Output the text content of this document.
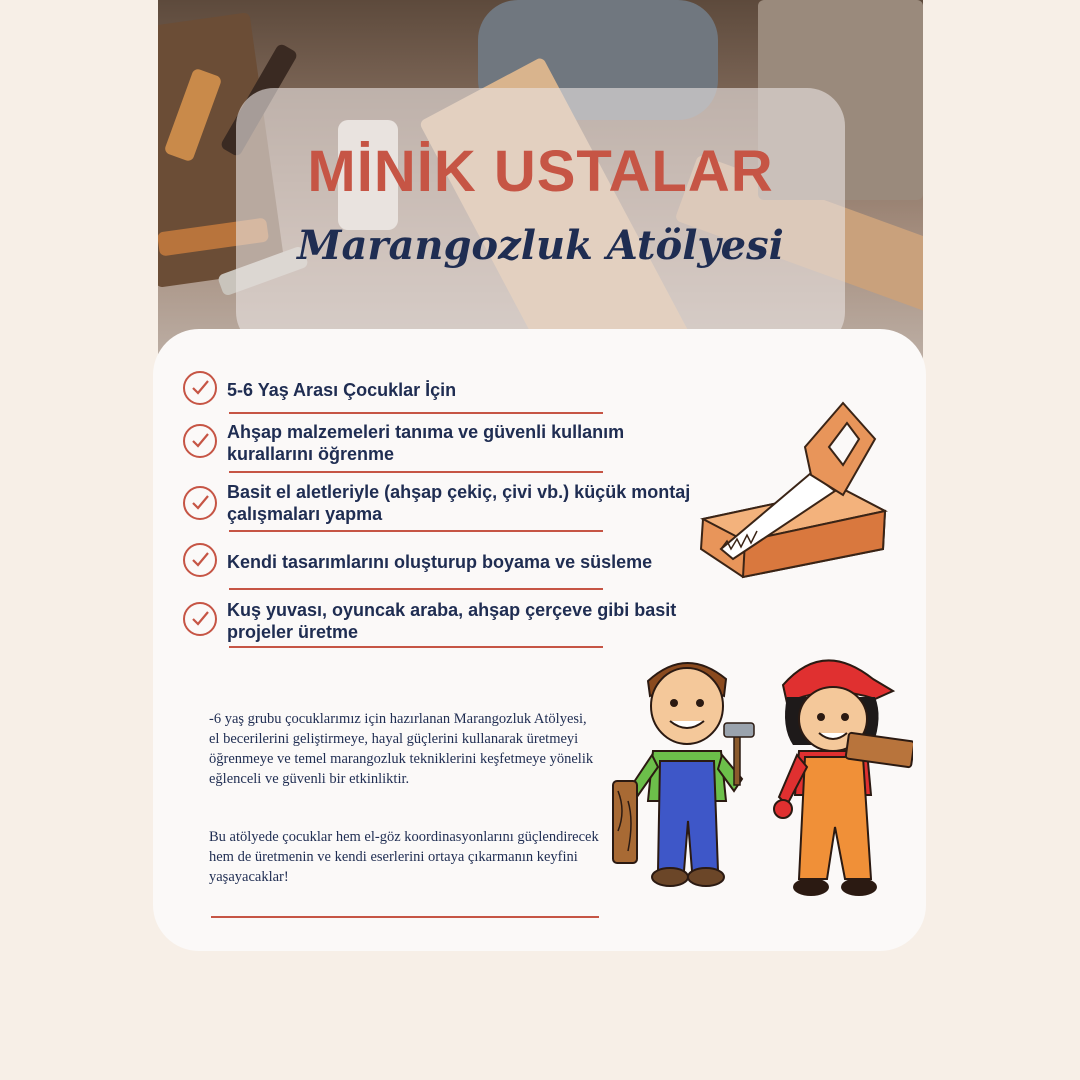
MİNİK USTALAR
Marangozluk Atölyesi
5-6 Yaş Arası Çocuklar İçin
Ahşap malzemeleri tanıma ve güvenli kullanım kurallarını öğrenme
Basit el aletleriyle (ahşap çekiç, çivi vb.) küçük montaj çalışmaları yapma
Kendi tasarımlarını oluşturup boyama ve süsleme
Kuş yuvası, oyuncak araba, ahşap çerçeve gibi basit projeler üretme
-6 yaş grubu çocuklarımız için hazırlanan Marangozluk Atölyesi, el becerilerini geliştirmeye, hayal güçlerini kullanarak üretmeyi öğrenmeye ve temel marangozluk tekniklerini keşfetmeye yönelik eğlenceli ve güvenli bir etkinliktir.
Bu atölyede çocuklar hem el-göz koordinasyonlarını güçlendirecek hem de üretmenin ve kendi eserlerini ortaya çıkarmanın keyfini yaşayacaklar!
